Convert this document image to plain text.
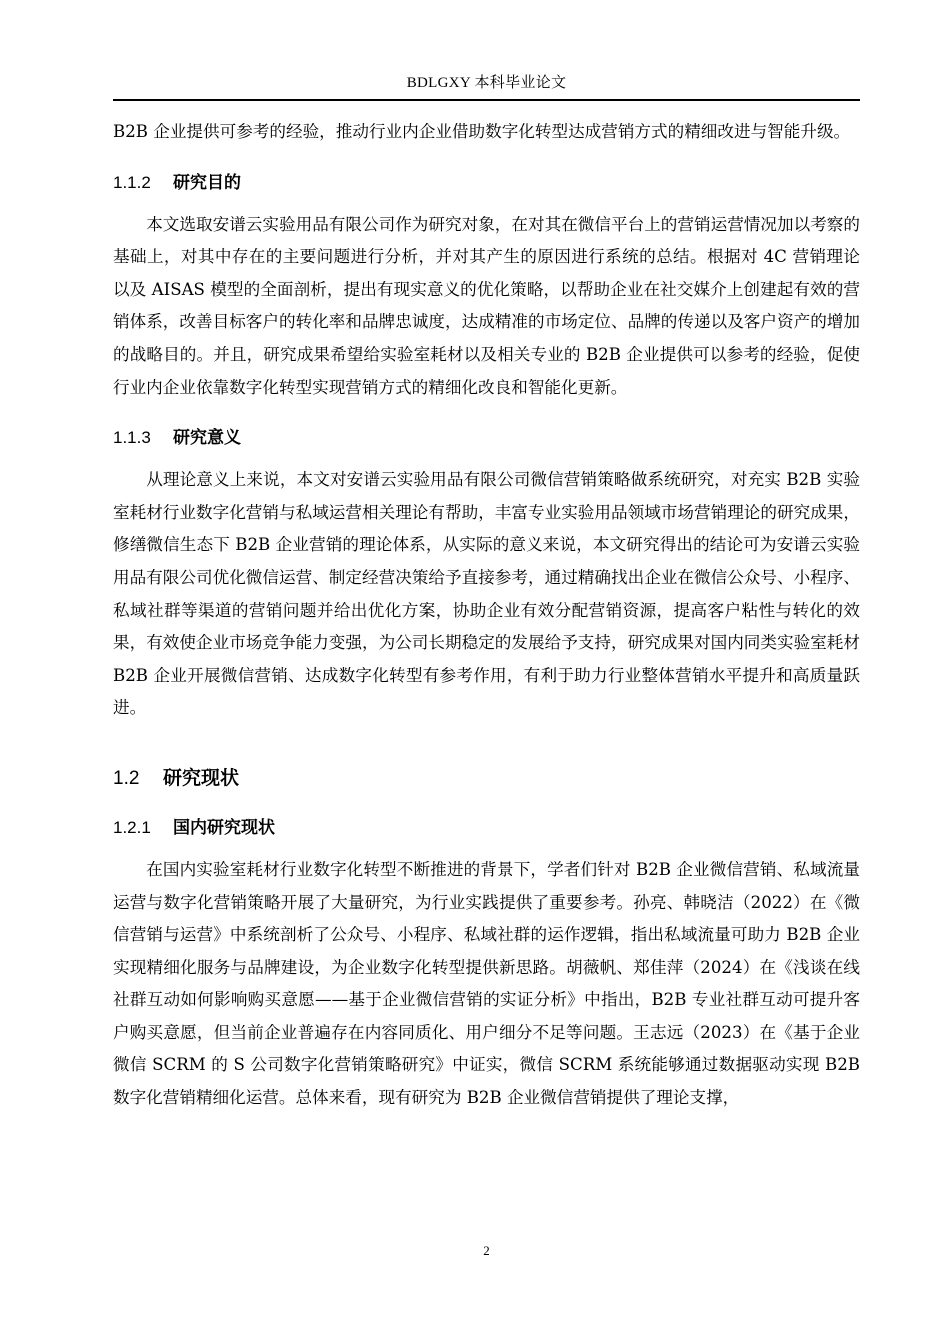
BDLGXY 本科毕业论文

B2B 企业提供可参考的经验，推动行业内企业借助数字化转型达成营销方式的精细改进与智能升级。

1.1.2 研究目的

本文选取安谱云实验用品有限公司作为研究对象，在对其在微信平台上的营销运营情况加以考察的基础上，对其中存在的主要问题进行分析，并对其产生的原因进行系统的总结。根据对 4C 营销理论以及 AISAS 模型的全面剖析，提出有现实意义的优化策略，以帮助企业在社交媒介上创建起有效的营销体系，改善目标客户的转化率和品牌忠诚度，达成精准的市场定位、品牌的传递以及客户资产的增加的战略目的。并且，研究成果希望给实验室耗材以及相关专业的 B2B 企业提供可以参考的经验，促使行业内企业依靠数字化转型实现营销方式的精细化改良和智能化更新。

1.1.3 研究意义

从理论意义上来说，本文对安谱云实验用品有限公司微信营销策略做系统研究，对充实 B2B 实验室耗材行业数字化营销与私域运营相关理论有帮助，丰富专业实验用品领域市场营销理论的研究成果，修缮微信生态下 B2B 企业营销的理论体系，从实际的意义来说，本文研究得出的结论可为安谱云实验用品有限公司优化微信运营、制定经营决策给予直接参考，通过精确找出企业在微信公众号、小程序、私域社群等渠道的营销问题并给出优化方案，协助企业有效分配营销资源，提高客户粘性与转化的效果，有效使企业市场竞争能力变强，为公司长期稳定的发展给予支持，研究成果对国内同类实验室耗材 B2B 企业开展微信营销、达成数字化转型有参考作用，有利于助力行业整体营销水平提升和高质量跃进。

1.2 研究现状
1.2.1 国内研究现状

在国内实验室耗材行业数字化转型不断推进的背景下，学者们针对 B2B 企业微信营销、私域流量运营与数字化营销策略开展了大量研究，为行业实践提供了重要参考。孙亮、韩晓洁（2022）在《微信营销与运营》中系统剖析了公众号、小程序、私域社群的运作逻辑，指出私域流量可助力 B2B 企业实现精细化服务与品牌建设，为企业数字化转型提供新思路。胡薇帆、郑佳萍（2024）在《浅谈在线社群互动如何影响购买意愿——基于企业微信营销的实证分析》中指出，B2B 专业社群互动可提升客户购买意愿，但当前企业普遍存在内容同质化、用户细分不足等问题。王志远（2023）在《基于企业微信 SCRM 的 S 公司数字化营销策略研究》中证实，微信 SCRM 系统能够通过数据驱动实现 B2B 数字化营销精细化运营。总体来看，现有研究为 B2B 企业微信营销提供了理论支撑，

2
